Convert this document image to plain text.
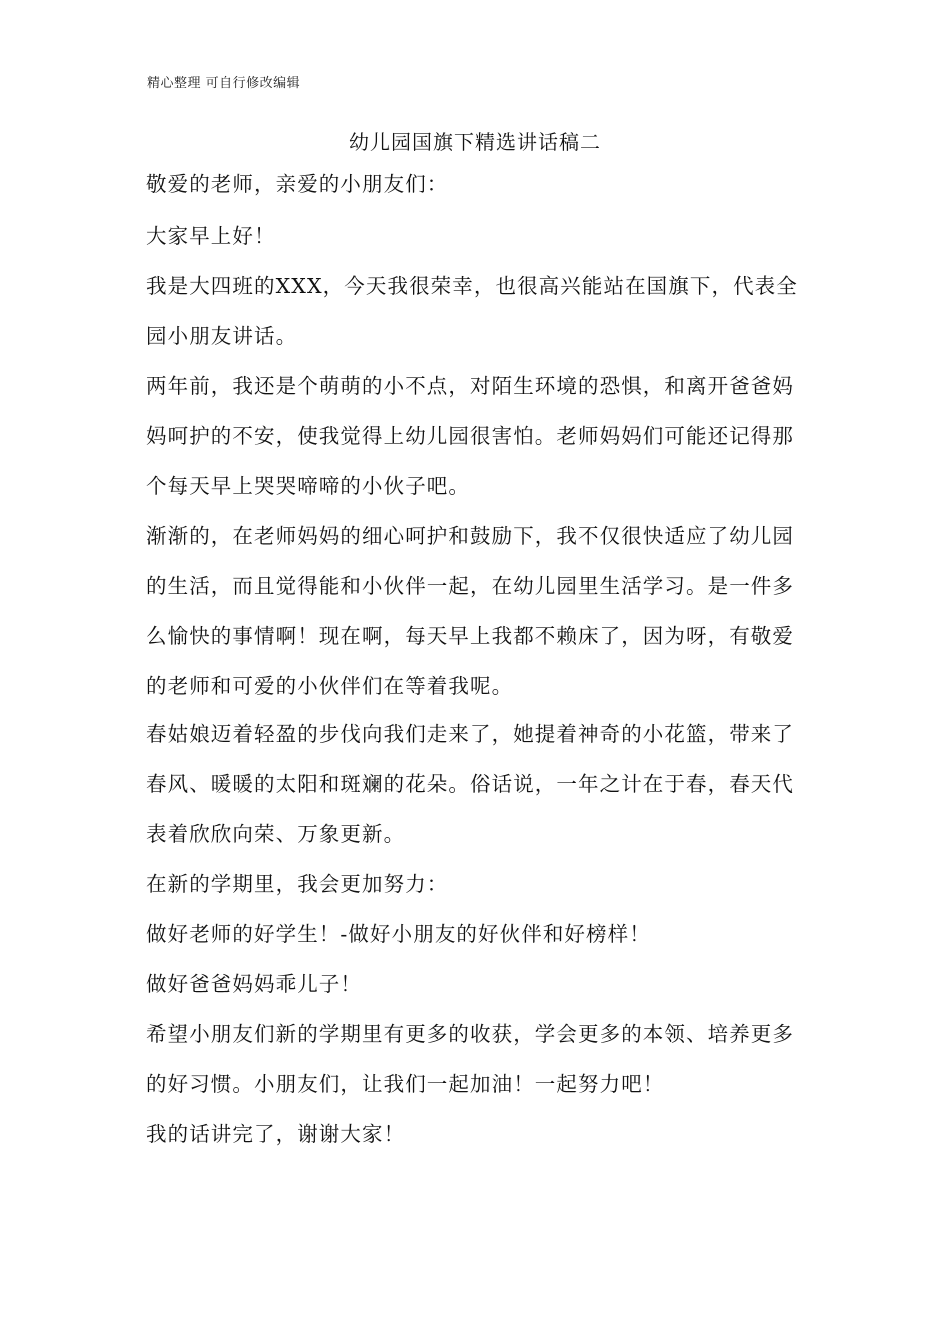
精心整理 可自行修改编辑
幼儿园国旗下精选讲话稿二
敬爱的老师，亲爱的小朋友们：
大家早上好！
我是大四班的XXX，今天我很荣幸，也很高兴能站在国旗下，代表全
园小朋友讲话。
两年前，我还是个萌萌的小不点，对陌生环境的恐惧，和离开爸爸妈
妈呵护的不安，使我觉得上幼儿园很害怕。老师妈妈们可能还记得那
个每天早上哭哭啼啼的小伙子吧。
渐渐的，在老师妈妈的细心呵护和鼓励下，我不仅很快适应了幼儿园
的生活，而且觉得能和小伙伴一起，在幼儿园里生活学习。是一件多
么愉快的事情啊！现在啊，每天早上我都不赖床了，因为呀，有敬爱
的老师和可爱的小伙伴们在等着我呢。
春姑娘迈着轻盈的步伐向我们走来了，她提着神奇的小花篮，带来了
春风、暖暖的太阳和斑斓的花朵。俗话说，一年之计在于春，春天代
表着欣欣向荣、万象更新。
在新的学期里，我会更加努力：
做好老师的好学生！-做好小朋友的好伙伴和好榜样！
做好爸爸妈妈乖儿子！
希望小朋友们新的学期里有更多的收获，学会更多的本领、培养更多
的好习惯。小朋友们，让我们一起加油！一起努力吧！
我的话讲完了，谢谢大家！
